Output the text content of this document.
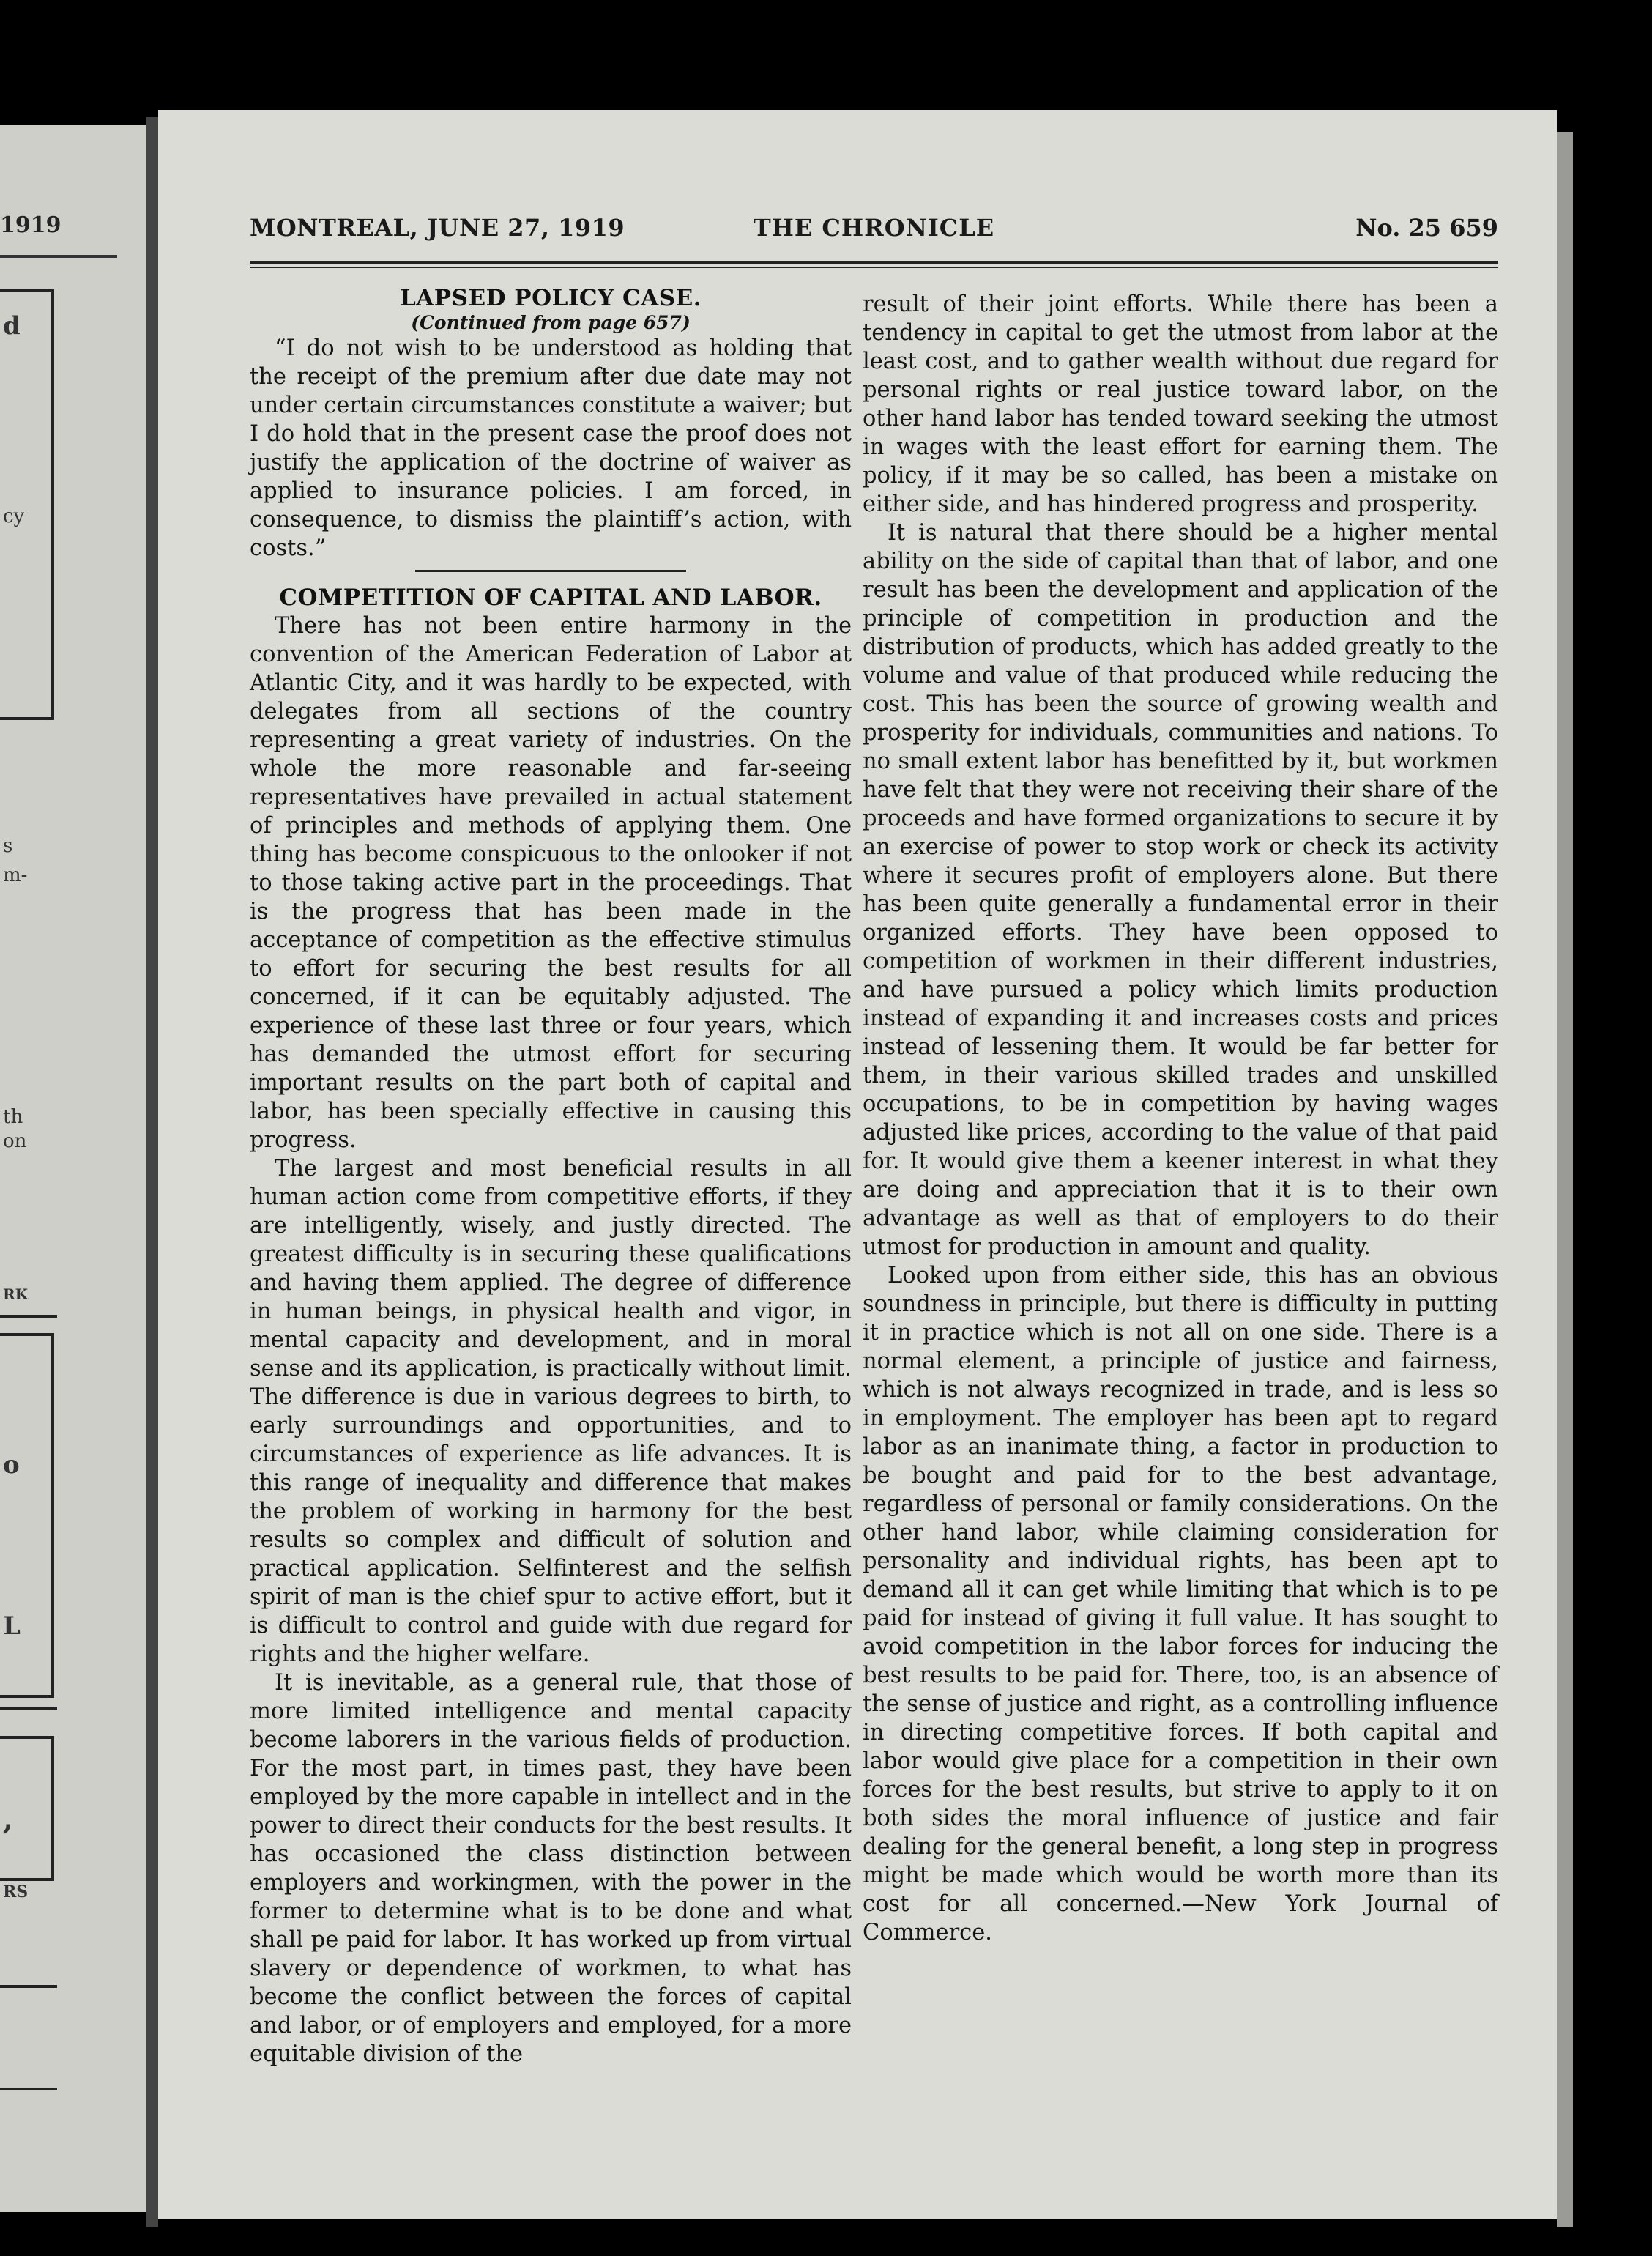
1919
d
cy
s
m-
th
on
RK
o
L
,
RS
MONTREAL, JUNE 27, 1919	THE CHRONICLE	No. 25 659
LAPSED POLICY CASE.
(Continued from page 657)

“I do not wish to be understood as holding that the receipt of the premium after due date may not under certain circumstances constitute a waiver; but I do hold that in the present case the proof does not justify the application of the doctrine of waiver as applied to insurance policies. I am forced, in consequence, to dismiss the plaintiff’s action, with costs.”

COMPETITION OF CAPITAL AND LABOR.

There has not been entire harmony in the convention of the American Federation of Labor at Atlantic City, and it was hardly to be expected, with delegates from all sections of the country representing a great variety of industries. On the whole the more reasonable and far-seeing representatives have prevailed in actual statement of principles and methods of applying them. One thing has become conspicuous to the onlooker if not to those taking active part in the proceedings. That is the progress that has been made in the acceptance of competition as the effective stimulus to effort for securing the best results for all concerned, if it can be equitably adjusted. The experience of these last three or four years, which has demanded the utmost effort for securing important results on the part both of capital and labor, has been specially effective in causing this progress.

The largest and most beneficial results in all human action come from competitive efforts, if they are intelligently, wisely, and justly directed. The greatest difficulty is in securing these qualifications and having them applied. The degree of difference in human beings, in physical health and vigor, in mental capacity and development, and in moral sense and its application, is practically without limit. The difference is due in various degrees to birth, to early surroundings and opportunities, and to circumstances of experience as life advances. It is this range of inequality and difference that makes the problem of working in harmony for the best results so complex and difficult of solution and practical application. Selfinterest and the selfish spirit of man is the chief spur to active effort, but it is difficult to control and guide with due regard for rights and the higher welfare.

It is inevitable, as a general rule, that those of more limited intelligence and mental capacity become laborers in the various fields of production. For the most part, in times past, they have been employed by the more capable in intellect and in the power to direct their conducts for the best results. It has occasioned the class distinction between employers and workingmen, with the power in the former to determine what is to be done and what shall pe paid for labor. It has worked up from virtual slavery or dependence of workmen, to what has become the conflict between the forces of capital and labor, or of employers and employed, for a more equitable division of the

result of their joint efforts. While there has been a tendency in capital to get the utmost from labor at the least cost, and to gather wealth without due regard for personal rights or real justice toward labor, on the other hand labor has tended toward seeking the utmost in wages with the least effort for earning them. The policy, if it may be so called, has been a mistake on either side, and has hindered progress and prosperity.

It is natural that there should be a higher mental ability on the side of capital than that of labor, and one result has been the development and application of the principle of competition in production and the distribution of products, which has added greatly to the volume and value of that produced while reducing the cost. This has been the source of growing wealth and prosperity for individuals, communities and nations. To no small extent labor has benefitted by it, but workmen have felt that they were not receiving their share of the proceeds and have formed organizations to secure it by an exercise of power to stop work or check its activity where it secures profit of employers alone. But there has been quite generally a fundamental error in their organized efforts. They have been opposed to competition of workmen in their different industries, and have pursued a policy which limits production instead of expanding it and increases costs and prices instead of lessening them. It would be far better for them, in their various skilled trades and unskilled occupations, to be in competition by having wages adjusted like prices, according to the value of that paid for. It would give them a keener interest in what they are doing and appreciation that it is to their own advantage as well as that of employers to do their utmost for production in amount and quality.

Looked upon from either side, this has an obvious soundness in principle, but there is difficulty in putting it in practice which is not all on one side. There is a normal element, a principle of justice and fairness, which is not always recognized in trade, and is less so in employment. The employer has been apt to regard labor as an inanimate thing, a factor in production to be bought and paid for to the best advantage, regardless of personal or family considerations. On the other hand labor, while claiming consideration for personality and individual rights, has been apt to demand all it can get while limiting that which is to pe paid for instead of giving it full value. It has sought to avoid competition in the labor forces for inducing the best results to be paid for. There, too, is an absence of the sense of justice and right, as a controlling influence in directing competitive forces. If both capital and labor would give place for a competition in their own forces for the best results, but strive to apply to it on both sides the moral influence of justice and fair dealing for the general benefit, a long step in progress might be made which would be worth more than its cost for all concerned.—New York Journal of Commerce.
